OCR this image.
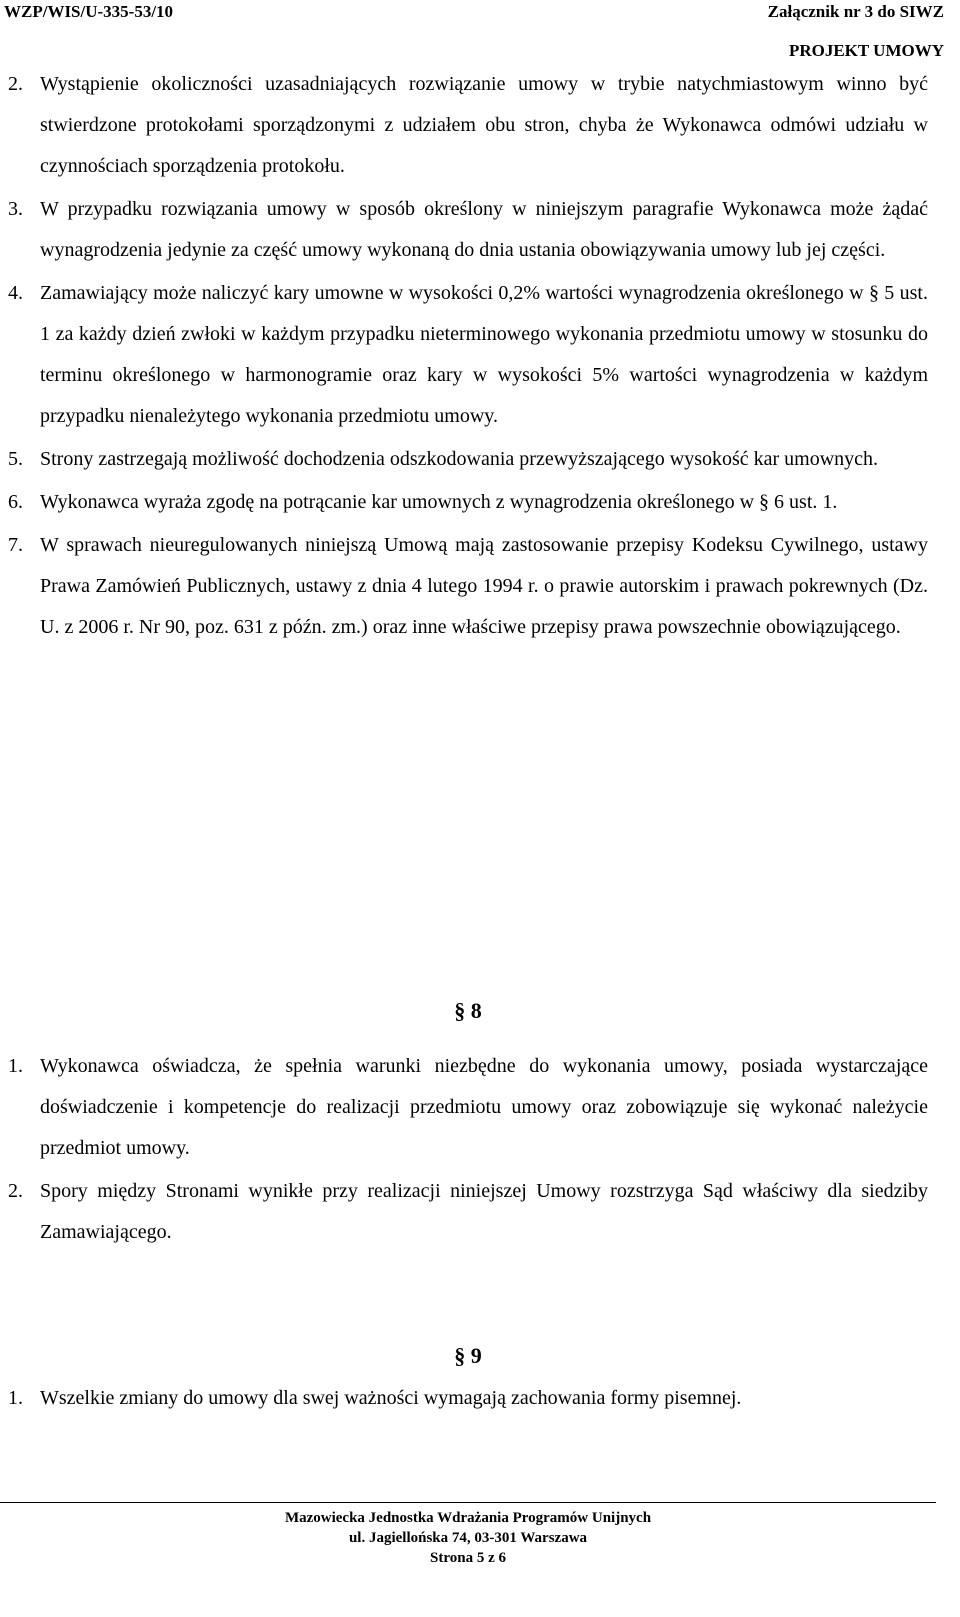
WZP/WIS/U-335-53/10	Załącznik nr 3 do SIWZ
PROJEKT UMOWY
2. Wystąpienie okoliczności uzasadniających rozwiązanie umowy w trybie natychmiastowym winno być stwierdzone protokołami sporządzonymi z udziałem obu stron, chyba że Wykonawca odmówi udziału w czynnościach sporządzenia protokołu.
3. W przypadku rozwiązania umowy w sposób określony w niniejszym paragrafie Wykonawca może żądać wynagrodzenia jedynie za część umowy wykonaną do dnia ustania obowiązywania umowy lub jej części.
4. Zamawiający może naliczyć kary umowne w wysokości 0,2% wartości wynagrodzenia określonego w § 5 ust. 1 za każdy dzień zwłoki w każdym przypadku nieterminowego wykonania przedmiotu umowy w stosunku do terminu określonego w harmonogramie oraz kary w wysokości 5% wartości wynagrodzenia w każdym przypadku nienależytego wykonania przedmiotu umowy.
5. Strony zastrzegają możliwość dochodzenia odszkodowania przewyższającego wysokość kar umownych.
6. Wykonawca wyraża zgodę na potrącanie kar umownych z wynagrodzenia określonego w § 6 ust. 1.
7. W sprawach nieuregulowanych niniejszą Umową mają zastosowanie przepisy Kodeksu Cywilnego, ustawy Prawa Zamówień Publicznych, ustawy z dnia 4 lutego 1994 r. o prawie autorskim i prawach pokrewnych (Dz. U. z 2006 r. Nr 90, poz. 631 z późn. zm.) oraz inne właściwe przepisy prawa powszechnie obowiązującego.
§ 8
1. Wykonawca oświadcza, że spełnia warunki niezbędne do wykonania umowy, posiada wystarczające doświadczenie i kompetencje do realizacji przedmiotu umowy oraz zobowiązuje się wykonać należycie przedmiot umowy.
2. Spory między Stronami wynikłe przy realizacji niniejszej Umowy rozstrzyga Sąd właściwy dla siedziby Zamawiającego.
§ 9
1. Wszelkie zmiany do umowy dla swej ważności wymagają zachowania formy pisemnej.
Mazowiecka Jednostka Wdrażania Programów Unijnych
ul. Jagiellońska 74, 03-301 Warszawa
Strona 5 z 6
